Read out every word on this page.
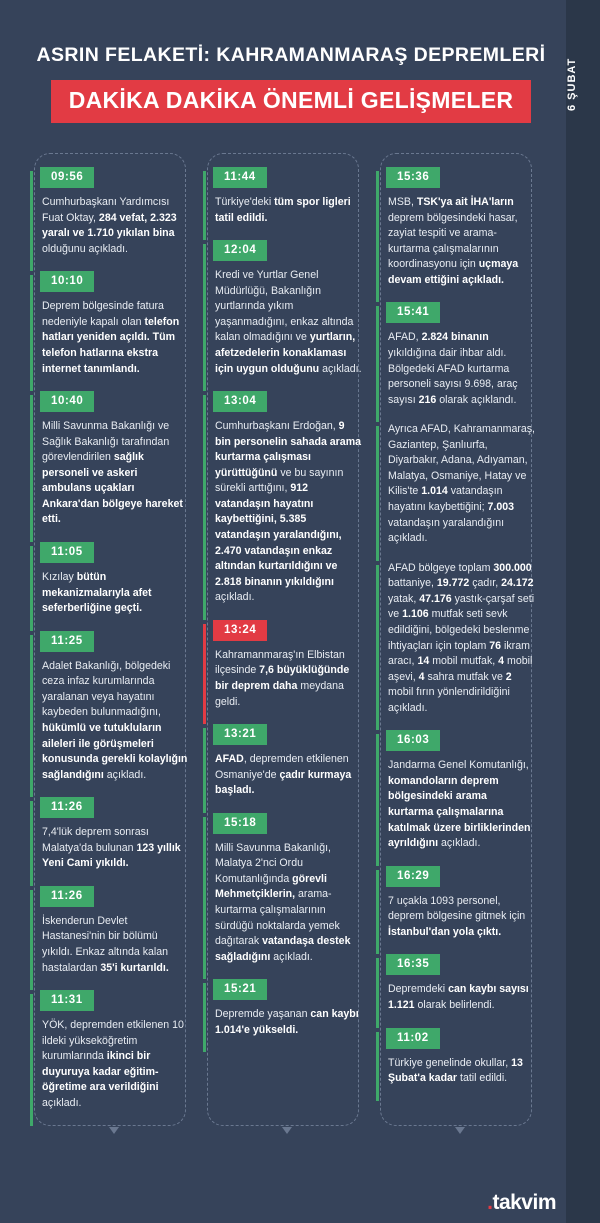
6 ŞUBAT
ASRIN FELAKETİ: KAHRAMANMARAŞ DEPREMLERİ
DAKİKA DAKİKA ÖNEMLİ GELİŞMELER
09:56
Cumhurbaşkanı Yardımcısı Fuat Oktay, 284 vefat, 2.323 yaralı ve 1.710 yıkılan bina olduğunu açıkladı.
10:10
Deprem bölgesinde fatura nedeniyle kapalı olan telefon hatları yeniden açıldı. Tüm telefon hatlarına ekstra internet tanımlandı.
10:40
Milli Savunma Bakanlığı ve Sağlık Bakanlığı tarafından görevlendirilen sağlık personeli ve askeri ambulans uçakları Ankara'dan bölgeye hareket etti.
11:05
Kızılay bütün mekanizmalarıyla afet seferberliğine geçti.
11:25
Adalet Bakanlığı, bölgedeki ceza infaz kurumlarında yaralanan veya hayatını kaybeden bulunmadığını, hükümlü ve tutukluların aileleri ile görüşmeleri konusunda gerekli kolaylığın sağlandığını açıkladı.
11:26
7,4'lük deprem sonrası Malatya'da bulunan 123 yıllık Yeni Cami yıkıldı.
11:26
İskenderun Devlet Hastanesi'nin bir bölümü yıkıldı. Enkaz altında kalan hastalardan 35'i kurtarıldı.
11:31
YÖK, depremden etkilenen 10 ildeki yükseköğretim kurumlarında ikinci bir duyuruya kadar eğitim-öğretime ara verildiğini açıkladı.
11:44
Türkiye'deki tüm spor ligleri tatil edildi.
12:04
Kredi ve Yurtlar Genel Müdürlüğü, Bakanlığın yurtlarında yıkım yaşanmadığını, enkaz altında kalan olmadığını ve yurtların, afetzedelerin konaklaması için uygun olduğunu açıkladı.
13:04
Cumhurbaşkanı Erdoğan, 9 bin personelin sahada arama kurtarma çalışması yürüttüğünü ve bu sayının sürekli arttığını, 912 vatandaşın hayatını kaybettiğini, 5.385 vatandaşın yaralandığını, 2.470 vatandaşın enkaz altından kurtarıldığını ve 2.818 binanın yıkıldığını açıkladı.
13:24
Kahramanmaraş'ın Elbistan ilçesinde 7,6 büyüklüğünde bir deprem daha meydana geldi.
13:21
AFAD, depremden etkilenen Osmaniye'de çadır kurmaya başladı.
15:18
Milli Savunma Bakanlığı, Malatya 2'nci Ordu Komutanlığında görevli Mehmetçiklerin, arama-kurtarma çalışmalarının sürdüğü noktalarda yemek dağıtarak vatandaşa destek sağladığını açıkladı.
15:21
Depremde yaşanan can kaybı 1.014'e yükseldi.
15:36
MSB, TSK'ya ait İHA'ların deprem bölgesindeki hasar, zayiat tespiti ve arama-kurtarma çalışmalarının koordinasyonu için uçmaya devam ettiğini açıkladı.
15:41
AFAD, 2.824 binanın yıkıldığına dair ihbar aldı. Bölgedeki AFAD kurtarma personeli sayısı 9.698, araç sayısı 216 olarak açıklandı.
Ayrıca AFAD, Kahramanmaraş, Gaziantep, Şanlıurfa, Diyarbakır, Adana, Adıyaman, Malatya, Osmaniye, Hatay ve Kilis'te 1.014 vatandaşın hayatını kaybettiğini; 7.003 vatandaşın yaralandığını açıkladı.
AFAD bölgeye toplam 300.000 battaniye, 19.772 çadır, 24.172 yatak, 47.176 yastık-çarşaf seti ve 1.106 mutfak seti sevk edildiğini, bölgedeki beslenme ihtiyaçları için toplam 76 ikram aracı, 14 mobil mutfak, 4 mobil aşevi, 4 sahra mutfak ve 2 mobil fırın yönlendirildiğini açıkladı.
16:03
Jandarma Genel Komutanlığı, komandoların deprem bölgesindeki arama kurtarma çalışmalarına katılmak üzere birliklerinden ayrıldığını açıkladı.
16:29
7 uçakla 1093 personel, deprem bölgesine gitmek için İstanbul'dan yola çıktı.
16:35
Depremdeki can kaybı sayısı 1.121 olarak belirlendi.
11:02
Türkiye genelinde okullar, 13 Şubat'a kadar tatil edildi.
.takvim
